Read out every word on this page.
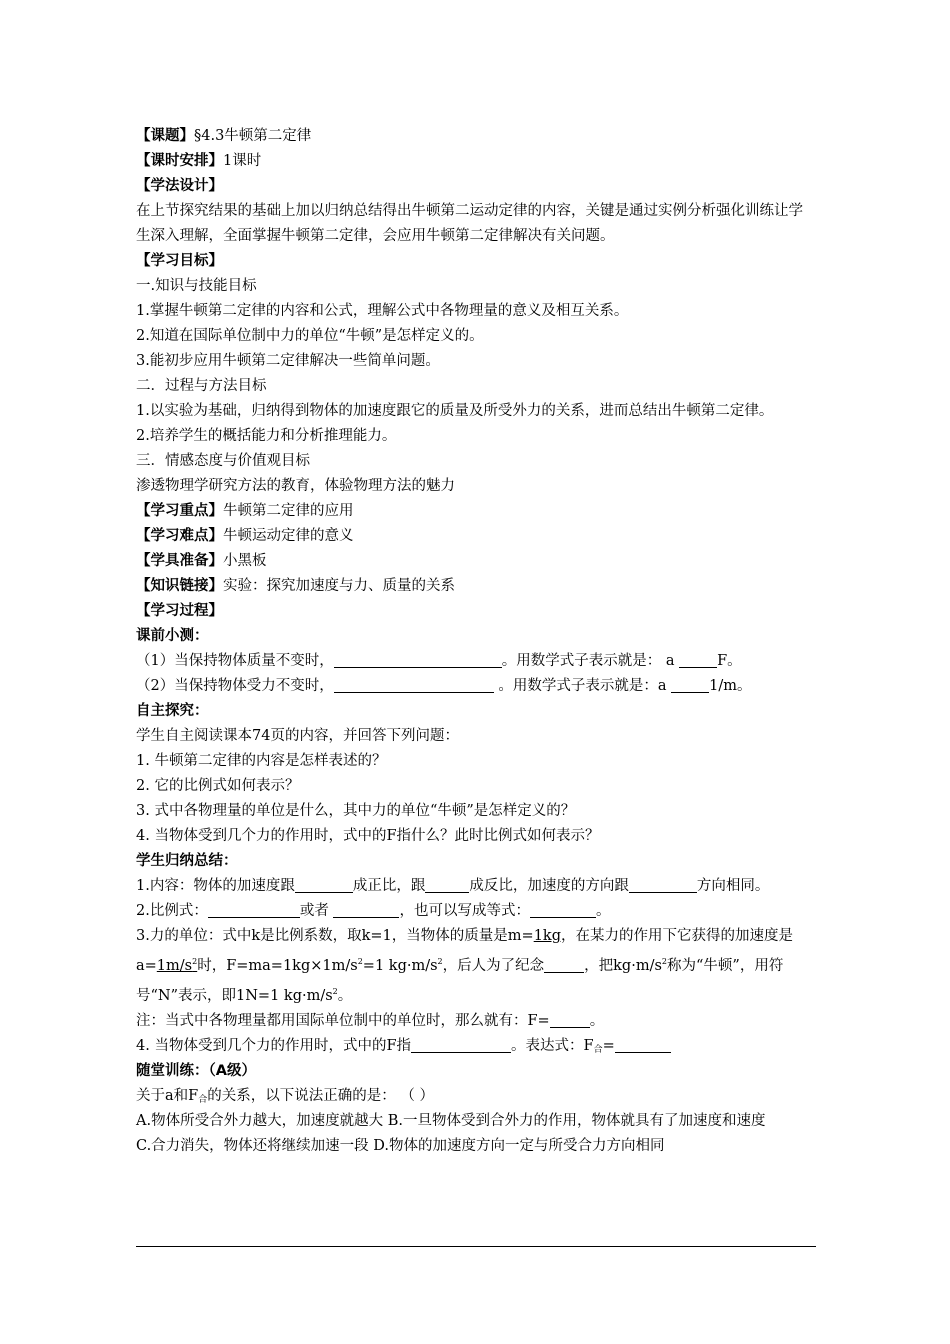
【课题】§4.3牛顿第二定律
【课时安排】1课时
【学法设计】
在上节探究结果的基础上加以归纳总结得出牛顿第二运动定律的内容，关键是通过实例分析强化训练让学生深入理解，全面掌握牛顿第二定律，会应用牛顿第二定律解决有关问题。
【学习目标】
一.知识与技能目标
1.掌握牛顿第二定律的内容和公式，理解公式中各物理量的意义及相互关系。
2.知道在国际单位制中力的单位“牛顿”是怎样定义的。
3.能初步应用牛顿第二定律解决一些简单问题。
二．过程与方法目标
1.以实验为基础，归纳得到物体的加速度跟它的质量及所受外力的关系，进而总结出牛顿第二定律。
2.培养学生的概括能力和分析推理能力。
三．情感态度与价值观目标
渗透物理学研究方法的教育，体验物理方法的魅力
【学习重点】牛顿第二定律的应用
【学习难点】牛顿运动定律的意义
【学具准备】小黑板
【知识链接】实验：探究加速度与力、质量的关系
【学习过程】
课前小测：
（1）当保持物体质量不变时，	。用数学式子表示就是： a	F。
（2）当保持物体受力不变时，	。用数学式子表示就是：a	1/m。
自主探究：
学生自主阅读课本74页的内容，并回答下列问题：
1. 牛顿第二定律的内容是怎样表述的？
2. 它的比例式如何表示？
3. 式中各物理量的单位是什么，其中力的单位“牛顿”是怎样定义的？
4. 当物体受到几个力的作用时，式中的F指什么？此时比例式如何表示？
学生归纳总结：
1.内容：物体的加速度跟	成正比，跟	成反比，加速度的方向跟	方向相同。
2.比例式：	或者	，也可以写成等式：	。
3.力的单位：式中k是比例系数，取k=1，当物体的质量是m=1kg，在某力的作用下它获得的加速度是$a=1m/s^2$时，$F=ma=1kg\times 1m/s^2=1$ $kg\cdot m/s^2$，后人为了纪念	，把$kg\cdot m/s^2$称为“牛顿”，用符号“N”表示，即1N=1 $kg\cdot m/s^2$。
注：当式中各物理量都用国际单位制中的单位时，那么就有：F=	。
4. 当物体受到几个力的作用时，式中的F指	。表达式：$F_合=$
随堂训练：（A级）
关于a和$F_合$的关系，以下说法正确的是： （ ）
A.物体所受合外力越大，加速度就越大 B.一旦物体受到合外力的作用，物体就具有了加速度和速度
C.合力消失，物体还将继续加速一段 D.物体的加速度方向一定与所受合力方向相同
